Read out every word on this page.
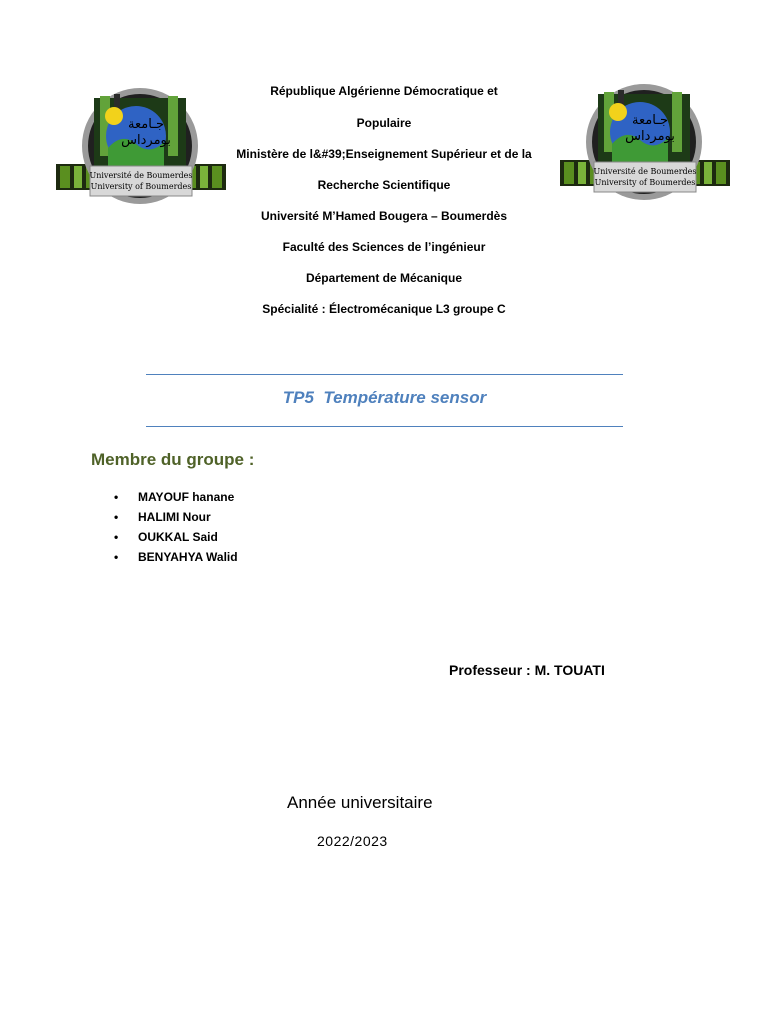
جـامعة
بومرداس
Université de Boumerdes
University of Boumerdes
جـامعة
بومرداس
Université de Boumerdes
University of Boumerdes
République Algérienne Démocratique et
Populaire
Ministère de l&#39;Enseignement Supérieur et de la
Recherche Scientifique
Université M’Hamed Bougera – Boumerdès
Faculté des Sciences de l’ingénieur
Département de Mécanique
Spécialité : Électromécanique L3 groupe C
TP5  Température sensor
Membre du groupe :
• MAYOUF hanane
• HALIMI Nour
• OUKKAL Said
• BENYAHYA Walid
Professeur : M. TOUATI
Année universitaire
2022/2023
